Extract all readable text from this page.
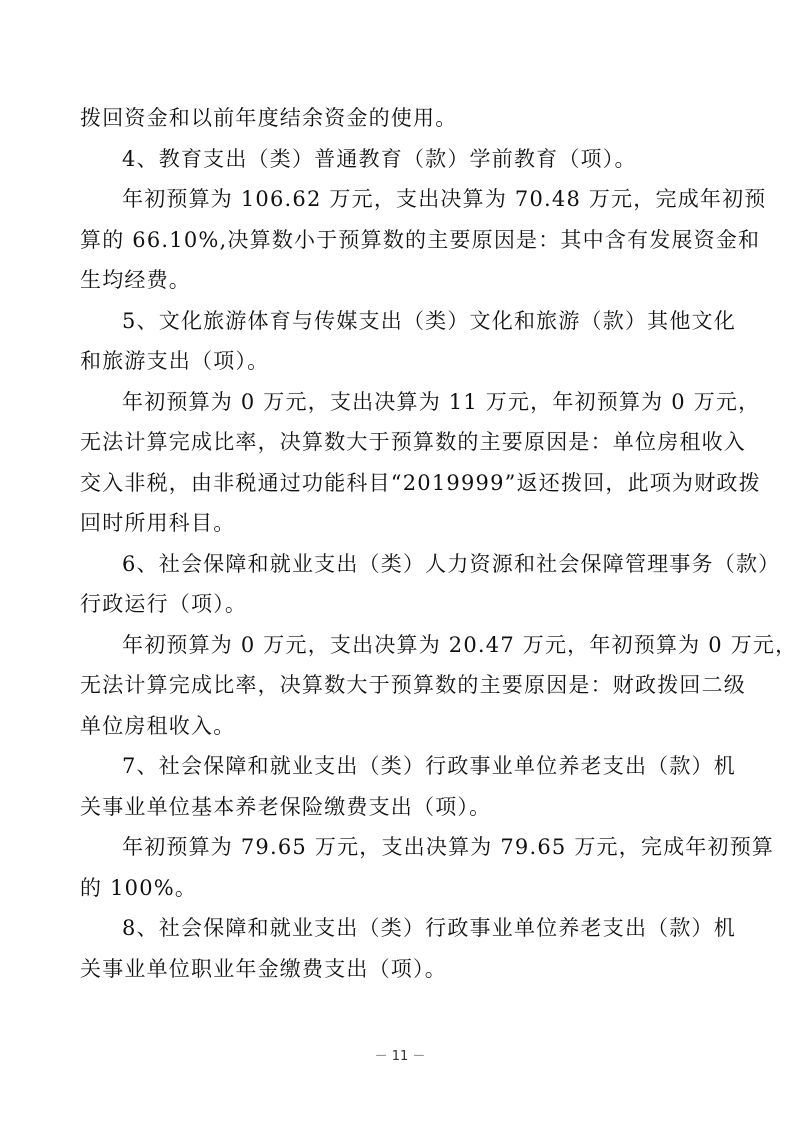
拨回资金和以前年度结余资金的使用。
4、教育支出（类）普通教育（款）学前教育（项）。
年初预算为 106.62 万元，支出决算为 70.48 万元，完成年初预
算的 66.10%,决算数小于预算数的主要原因是：其中含有发展资金和
生均经费。
5、文化旅游体育与传媒支出（类）文化和旅游（款）其他文化
和旅游支出（项）。
年初预算为 0 万元，支出决算为 11 万元，年初预算为 0 万元，
无法计算完成比率，决算数大于预算数的主要原因是：单位房租收入
交入非税，由非税通过功能科目“2019999”返还拨回，此项为财政拨
回时所用科目。
6、社会保障和就业支出（类）人力资源和社会保障管理事务（款）
行政运行（项）。
年初预算为 0 万元，支出决算为 20.47 万元，年初预算为 0 万元，
无法计算完成比率，决算数大于预算数的主要原因是：财政拨回二级
单位房租收入。
7、社会保障和就业支出（类）行政事业单位养老支出（款）机
关事业单位基本养老保险缴费支出（项）。
年初预算为 79.65 万元，支出决算为 79.65 万元，完成年初预算
的 100%。
8、社会保障和就业支出（类）行政事业单位养老支出（款）机
关事业单位职业年金缴费支出（项）。
－ 11 －
